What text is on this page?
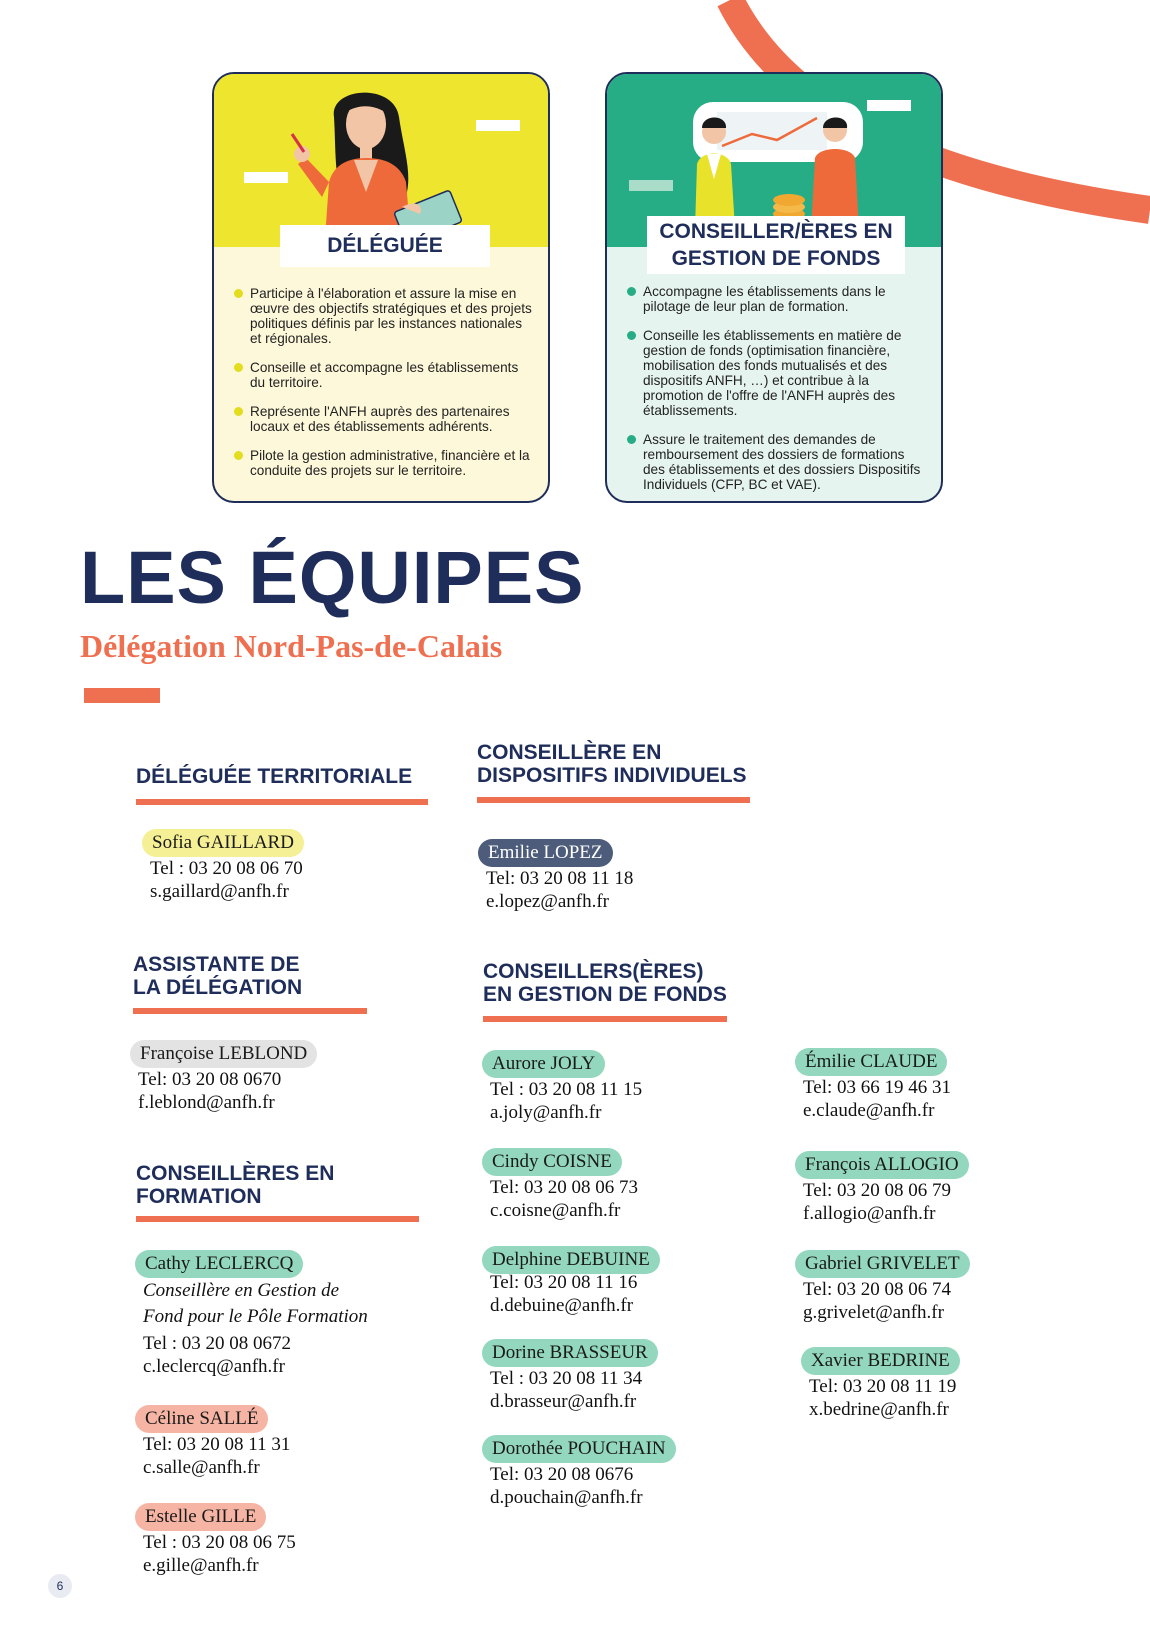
DÉLÉGUÉE
Participe à l'élaboration et assure la mise en œuvre des objectifs stratégiques et des projets politiques définis par les instances nationales et régionales.
Conseille et accompagne les établissements du territoire.
Représente l'ANFH auprès des partenaires locaux et des établissements adhérents.
Pilote la gestion administrative, financière et la conduite des projets sur le territoire.
CONSEILLER/ÈRES EN
GESTION DE FONDS
Accompagne les établissements dans le pilotage de leur plan de formation.
Conseille les établissements en matière de gestion de fonds (optimisation financière, mobilisation des fonds mutualisés et des dispositifs ANFH, …) et contribue à la promotion de l'offre de l'ANFH auprès des établissements.
Assure le traitement des demandes de remboursement des dossiers de formations des établissements et des dossiers Dispositifs Individuels (CFP, BC et VAE).
LES ÉQUIPES
Délégation Nord-Pas-de-Calais
DÉLÉGUÉE TERRITORIALE
Sofia GAILLARD
Tel : 03 20 08 06 70
s.gaillard@anfh.fr
ASSISTANTE DE
LA DÉLÉGATION
Françoise LEBLOND
Tel: 03 20 08 0670
f.leblond@anfh.fr
CONSEILLÈRES EN
FORMATION
Cathy LECLERCQ
Conseillère en Gestion de
Fond pour le Pôle Formation
Tel : 03 20 08 0672
c.leclercq@anfh.fr
Céline SALLÉ
Tel: 03 20 08 11 31
c.salle@anfh.fr
Estelle GILLE
Tel : 03 20 08 06 75
e.gille@anfh.fr
CONSEILLÈRE EN
DISPOSITIFS INDIVIDUELS
Emilie LOPEZ
Tel: 03 20 08 11 18
e.lopez@anfh.fr
CONSEILLERS(ÈRES)
EN GESTION DE FONDS
Aurore JOLY
Tel : 03 20 08 11 15
a.joly@anfh.fr
Cindy COISNE
Tel: 03 20 08 06 73
c.coisne@anfh.fr
Delphine DEBUINE
Tel: 03 20 08 11 16
d.debuine@anfh.fr
Dorine BRASSEUR
Tel : 03 20 08 11 34
d.brasseur@anfh.fr
Dorothée POUCHAIN
Tel: 03 20 08 0676
d.pouchain@anfh.fr
Émilie CLAUDE
Tel: 03 66 19 46 31
e.claude@anfh.fr
François ALLOGIO
Tel: 03 20 08 06 79
f.allogio@anfh.fr
Gabriel GRIVELET
Tel: 03 20 08 06 74
g.grivelet@anfh.fr
Xavier BEDRINE
Tel: 03 20 08 11 19
x.bedrine@anfh.fr
6
